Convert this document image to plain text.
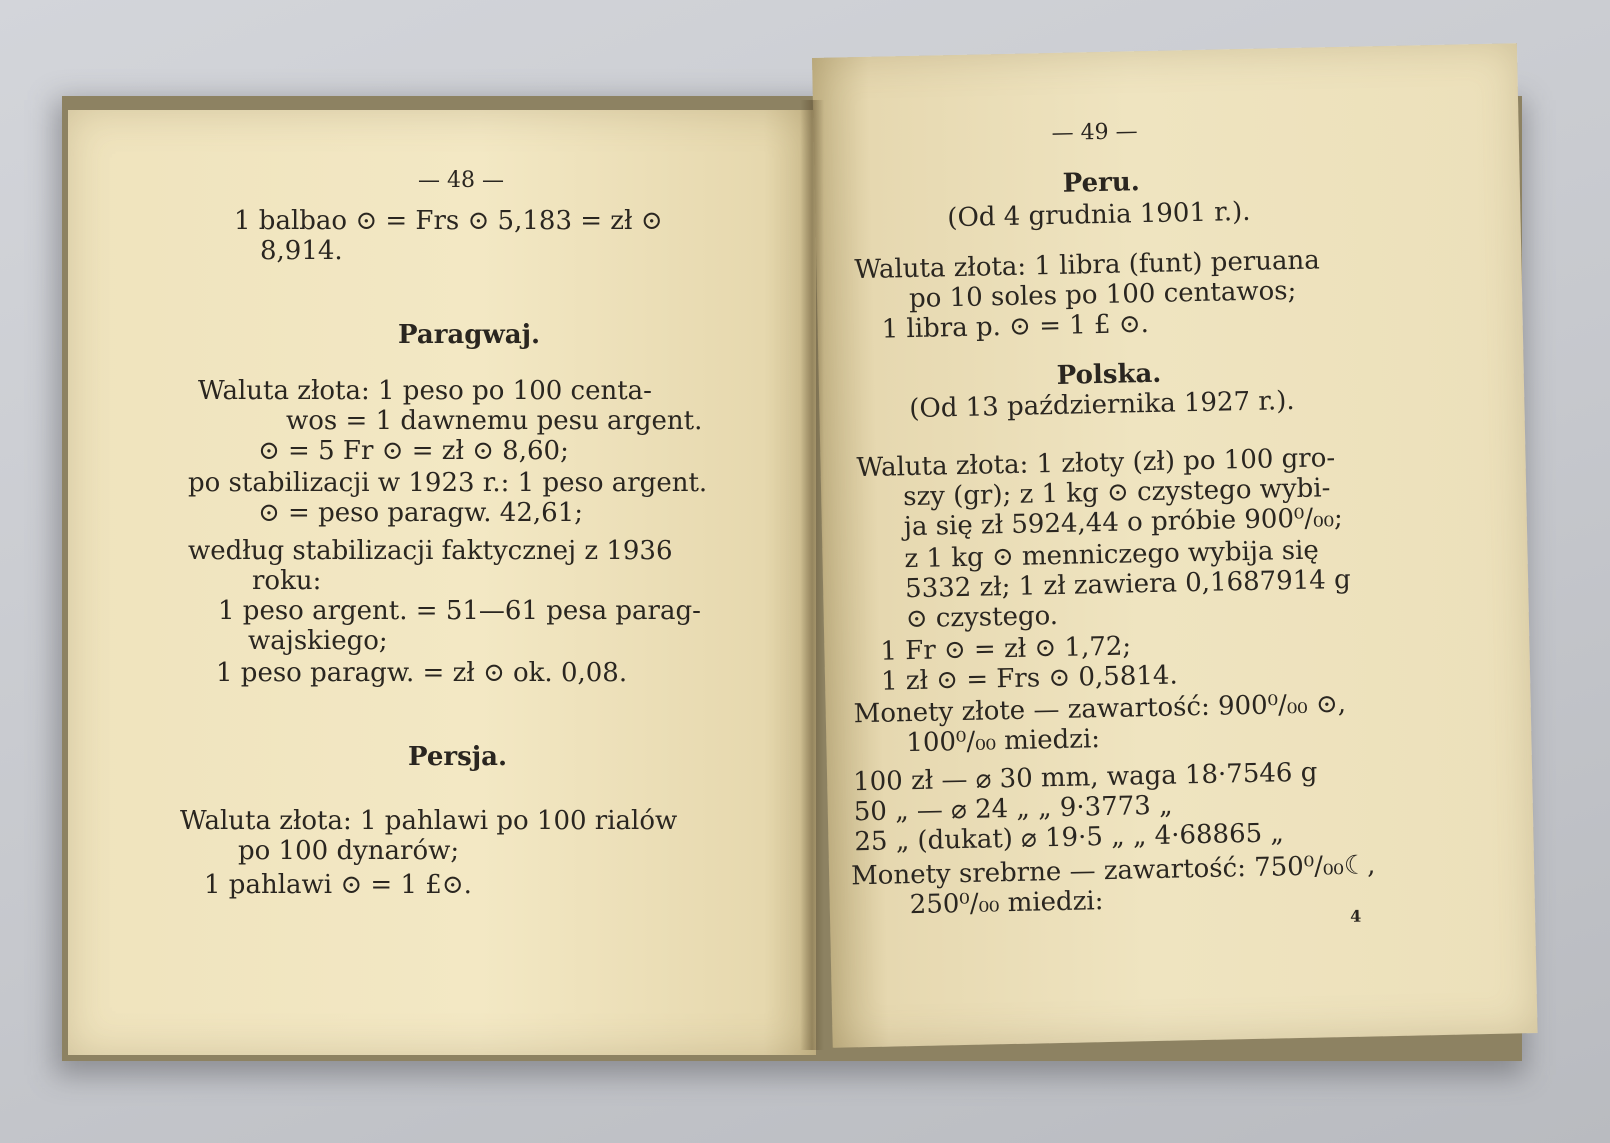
— 48 —
1 balbao ⊙ = Frs ⊙ 5,183 = zł ⊙
8,914.
Paragwaj.
Waluta złota: 1 peso po 100 centa-
wos = 1 dawnemu pesu argent.
⊙ = 5 Fr ⊙ = zł ⊙ 8,60;
po stabilizacji w 1923 r.: 1 peso argent.
⊙ = peso paragw. 42,61;
według stabilizacji faktycznej z 1936
roku:
1 peso argent. = 51—61 pesa parag-
wajskiego;
1 peso paragw. = zł ⊙ ok. 0,08.
Persja.
Waluta złota: 1 pahlawi po 100 rialów
po 100 dynarów;
1 pahlawi ⊙ = 1 £⊙.
— 49 —
Peru.
(Od 4 grudnia 1901 r.).
Waluta złota: 1 libra (funt) peruana
po 10 soles po 100 centawos;
1 libra p. ⊙ = 1 £ ⊙.
Polska.
(Od 13 października 1927 r.).
Waluta złota: 1 złoty (zł) po 100 gro-
szy (gr); z 1 kg ⊙ czystego wybi-
ja się zł 5924,44 o próbie 900⁰/₀₀;
z 1 kg ⊙ menniczego wybija się
5332 zł; 1 zł zawiera 0,1687914 g
⊙ czystego.
1 Fr ⊙ = zł ⊙ 1,72;
1 zł ⊙ = Frs ⊙ 0,5814.
Monety złote — zawartość: 900⁰/₀₀ ⊙,
100⁰/₀₀ miedzi:
100 zł — ⌀ 30 mm, waga 18·7546 g
50 „ — ⌀ 24 „ „ 9·3773 „
25 „ (dukat) ⌀ 19·5 „ „ 4·68865 „
Monety srebrne — zawartość: 750⁰/₀₀☾,
250⁰/₀₀ miedzi:	4
